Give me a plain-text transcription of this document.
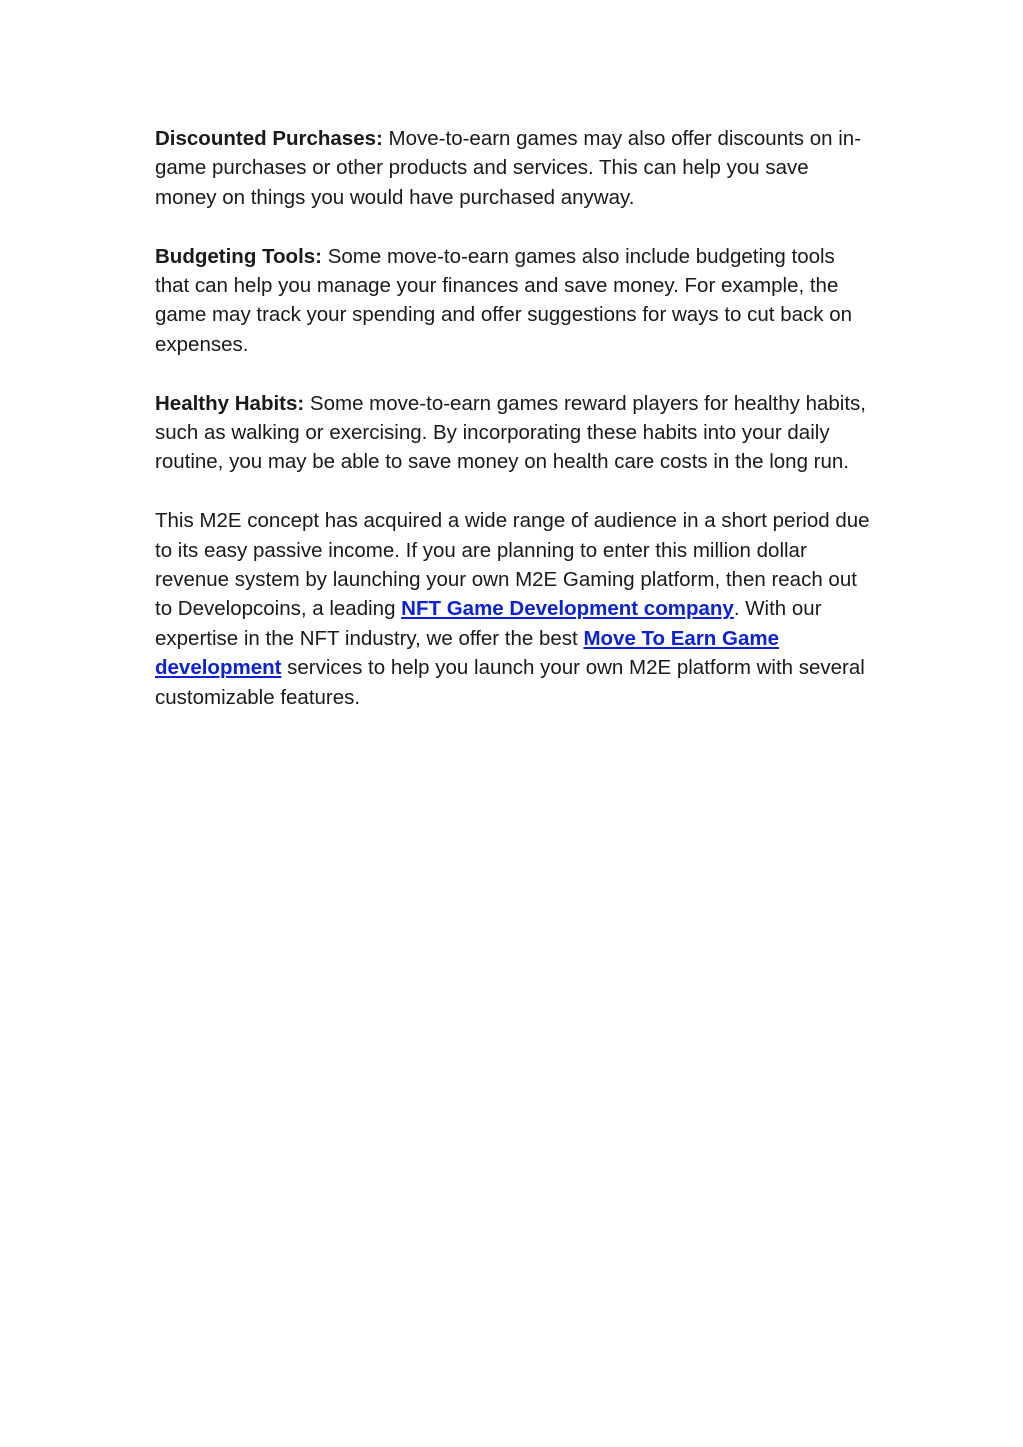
Discounted Purchases: Move-to-earn games may also offer discounts on in-game purchases or other products and services. This can help you save money on things you would have purchased anyway.

Budgeting Tools: Some move-to-earn games also include budgeting tools that can help you manage your finances and save money. For example, the game may track your spending and offer suggestions for ways to cut back on expenses.

Healthy Habits: Some move-to-earn games reward players for healthy habits, such as walking or exercising. By incorporating these habits into your daily routine, you may be able to save money on health care costs in the long run.

This M2E concept has acquired a wide range of audience in a short period due to its easy passive income. If you are planning to enter this million dollar revenue system by launching your own M2E Gaming platform, then reach out to Developcoins, a leading NFT Game Development company. With our expertise in the NFT industry, we offer the best Move To Earn Game development services to help you launch your own M2E platform with several customizable features.
